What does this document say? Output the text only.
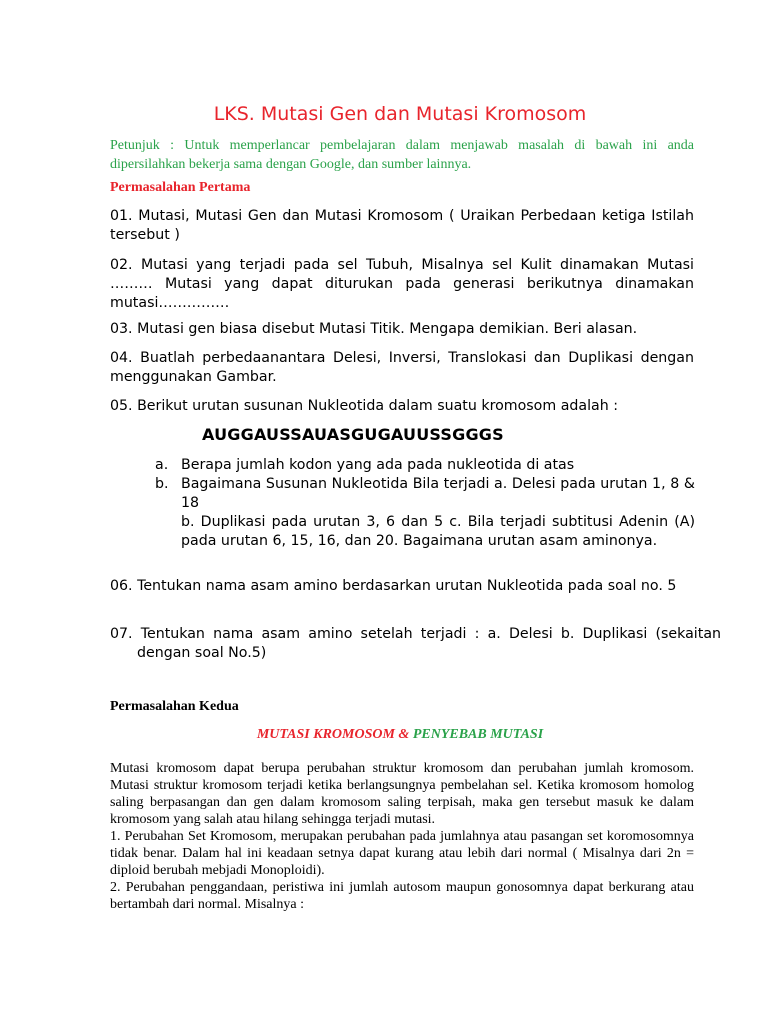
LKS. Mutasi Gen dan Mutasi Kromosom
Petunjuk : Untuk memperlancar pembelajaran dalam menjawab masalah di bawah ini anda dipersilahkan bekerja sama dengan Google, dan sumber lainnya.
Permasalahan Pertama
01. Mutasi, Mutasi Gen dan Mutasi Kromosom ( Uraikan Perbedaan ketiga Istilah tersebut )
02. Mutasi yang terjadi pada sel Tubuh, Misalnya sel Kulit dinamakan Mutasi ……… Mutasi yang dapat diturukan pada generasi berikutnya dinamakan mutasi……………
03. Mutasi gen biasa disebut Mutasi Titik. Mengapa demikian. Beri alasan.
04. Buatlah perbedaanantara Delesi, Inversi, Translokasi dan Duplikasi dengan menggunakan Gambar.
05. Berikut urutan susunan Nukleotida dalam suatu kromosom adalah :
AUGGAUSSAUASGUGAUUSSGGGS
a. Berapa jumlah kodon yang ada pada nukleotida di atas
b. Bagaimana Susunan Nukleotida Bila terjadi a. Delesi pada urutan 1, 8 & 18
b. Duplikasi pada urutan 3, 6 dan 5 c. Bila terjadi subtitusi Adenin (A) pada urutan 6, 15, 16, dan 20. Bagaimana urutan asam aminonya.
06. Tentukan nama asam amino berdasarkan urutan Nukleotida pada soal no. 5
07. Tentukan nama asam amino setelah terjadi : a. Delesi b. Duplikasi (sekaitan dengan soal No.5)
Permasalahan Kedua
MUTASI KROMOSOM & PENYEBAB MUTASI

Mutasi kromosom dapat berupa perubahan struktur kromosom dan perubahan jumlah kromosom. Mutasi struktur kromosom terjadi ketika berlangsungnya pembelahan sel. Ketika kromosom homolog saling berpasangan dan gen dalam kromosom saling terpisah, maka gen tersebut masuk ke dalam kromosom yang salah atau hilang sehingga terjadi mutasi.

1. Perubahan Set Kromosom, merupakan perubahan pada jumlahnya atau pasangan set koromosomnya tidak benar. Dalam hal ini keadaan setnya dapat kurang atau lebih dari normal ( Misalnya dari 2n = diploid berubah mebjadi Monoploidi).

2. Perubahan penggandaan, peristiwa ini jumlah autosom maupun gonosomnya dapat berkurang atau bertambah dari normal. Misalnya :
